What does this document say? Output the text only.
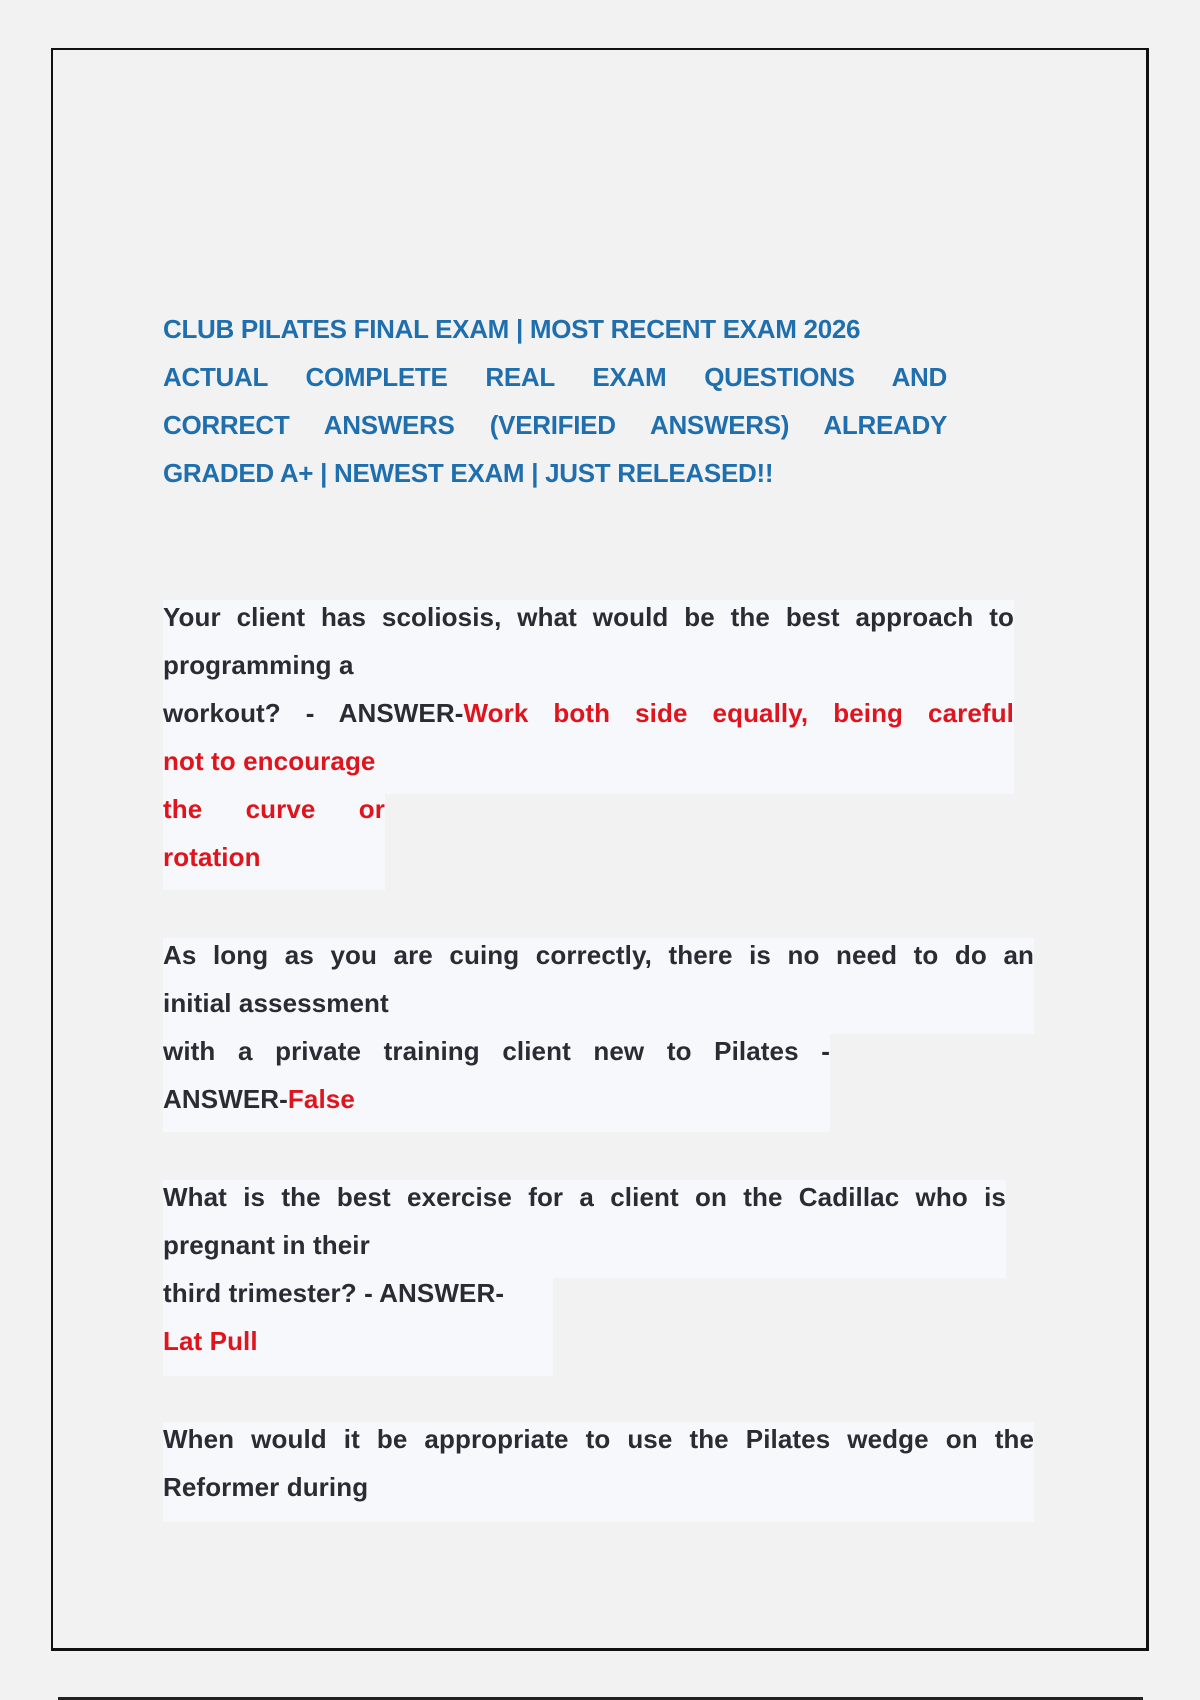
CLUB PILATES FINAL EXAM | MOST RECENT EXAM 2026
ACTUAL COMPLETE REAL EXAM QUESTIONS AND
CORRECT ANSWERS (VERIFIED ANSWERS) ALREADY
GRADED A+ | NEWEST EXAM | JUST RELEASED!!
Your client has scoliosis, what would be the best approach to
programming a
workout? - ANSWER-Work both side equally, being careful
not to encourage
the curve or
rotation
As long as you are cuing correctly, there is no need to do an
initial assessment
with a private training client new to Pilates -
ANSWER-False
What is the best exercise for a client on the Cadillac who is
pregnant in their
third trimester? - ANSWER-
Lat Pull
When would it be appropriate to use the Pilates wedge on the
Reformer during
